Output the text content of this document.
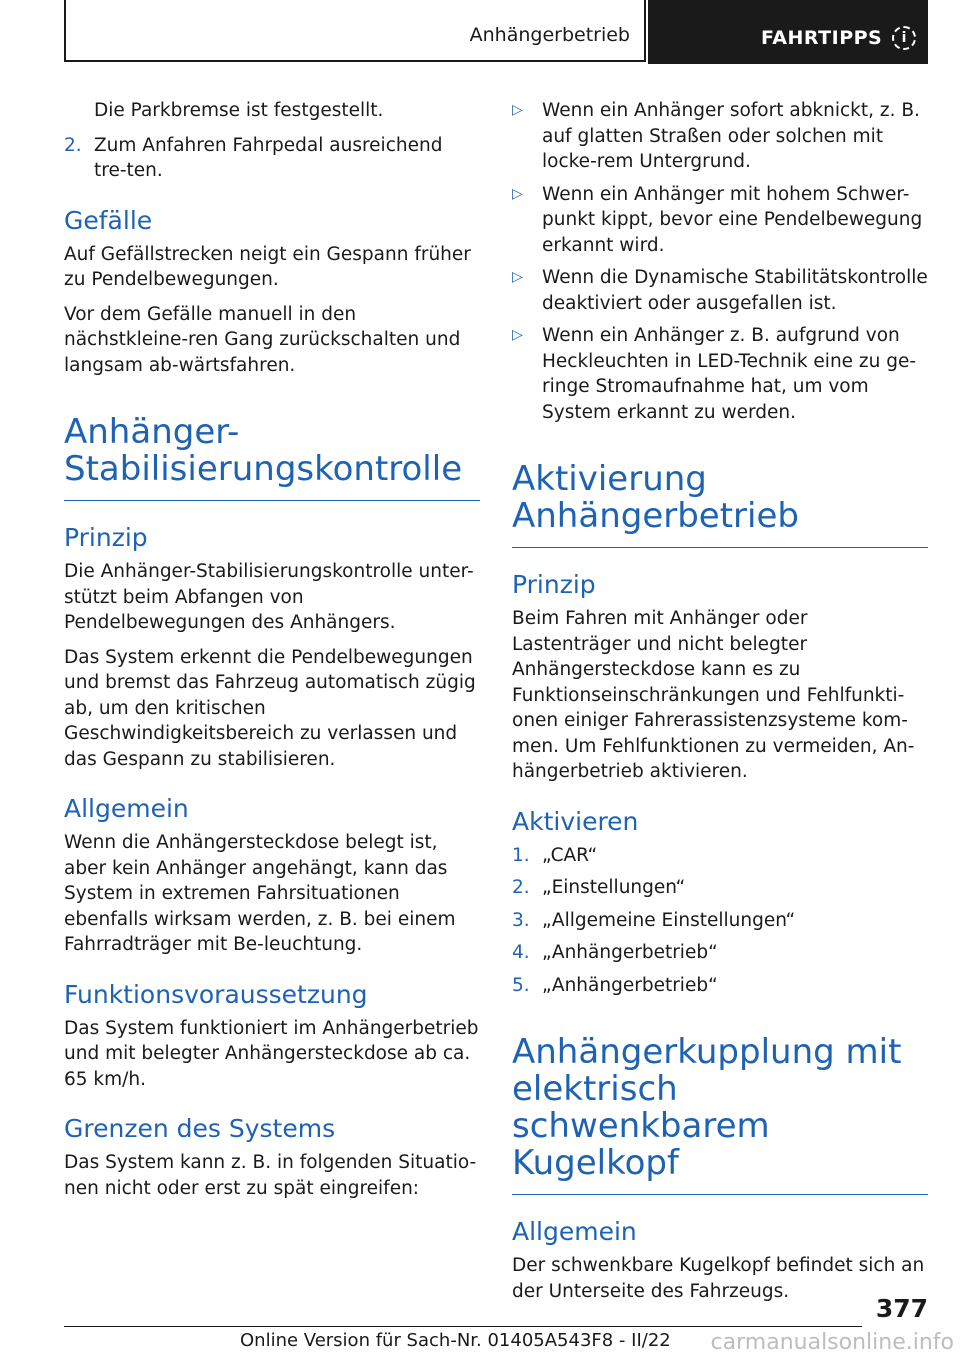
Anhängerbetrieb	FAHRTIPPS	i

Die Parkbremse ist festgestellt.

2. Zum Anfahren Fahrpedal ausreichend tre-ten.
Gefälle

Auf Gefällstrecken neigt ein Gespann früher zu Pendelbewegungen.

Vor dem Gefälle manuell in den nächstkleine-ren Gang zurückschalten und langsam ab-wärtsfahren.

Anhänger-Stabilisierungskontrolle
Prinzip

Die Anhänger-Stabilisierungskontrolle unter-stützt beim Abfangen von Pendelbewegungen des Anhängers.

Das System erkennt die Pendelbewegungen und bremst das Fahrzeug automatisch zügig ab, um den kritischen Geschwindigkeitsbereich zu verlassen und das Gespann zu stabilisieren.

Allgemein

Wenn die Anhängersteckdose belegt ist, aber kein Anhänger angehängt, kann das System in extremen Fahrsituationen ebenfalls wirksam werden, z. B. bei einem Fahrradträger mit Be-leuchtung.

Funktionsvoraussetzung

Das System funktioniert im Anhängerbetrieb und mit belegter Anhängersteckdose ab ca. 65 km/h.

Grenzen des Systems

Das System kann z. B. in folgenden Situatio-nen nicht oder erst zu spät eingreifen:

▷ Wenn ein Anhänger sofort abknickt, z. B. auf glatten Straßen oder solchen mit locke-rem Untergrund.
▷ Wenn ein Anhänger mit hohem Schwer-punkt kippt, bevor eine Pendelbewegung erkannt wird.
▷ Wenn die Dynamische Stabilitätskontrolle deaktiviert oder ausgefallen ist.
▷ Wenn ein Anhänger z. B. aufgrund von Heckleuchten in LED-Technik eine zu ge-ringe Stromaufnahme hat, um vom System erkannt zu werden.
Aktivierung Anhängerbetrieb
Prinzip

Beim Fahren mit Anhänger oder Lastenträger und nicht belegter Anhängersteckdose kann es zu Funktionseinschränkungen und Fehlfunkti-onen einiger Fahrerassistenzsysteme kom-men. Um Fehlfunktionen zu vermeiden, An-hängerbetrieb aktivieren.

Aktivieren
1. „CAR“
2. „Einstellungen“
3. „Allgemeine Einstellungen“
4. „Anhängerbetrieb“
5. „Anhängerbetrieb“
Anhängerkupplung mit elektrisch schwenkbarem Kugelkopf
Allgemein

Der schwenkbare Kugelkopf befindet sich an der Unterseite des Fahrzeugs.

377
Online Version für Sach-Nr. 01405A543F8 - II/22 carmanualsonline.info
